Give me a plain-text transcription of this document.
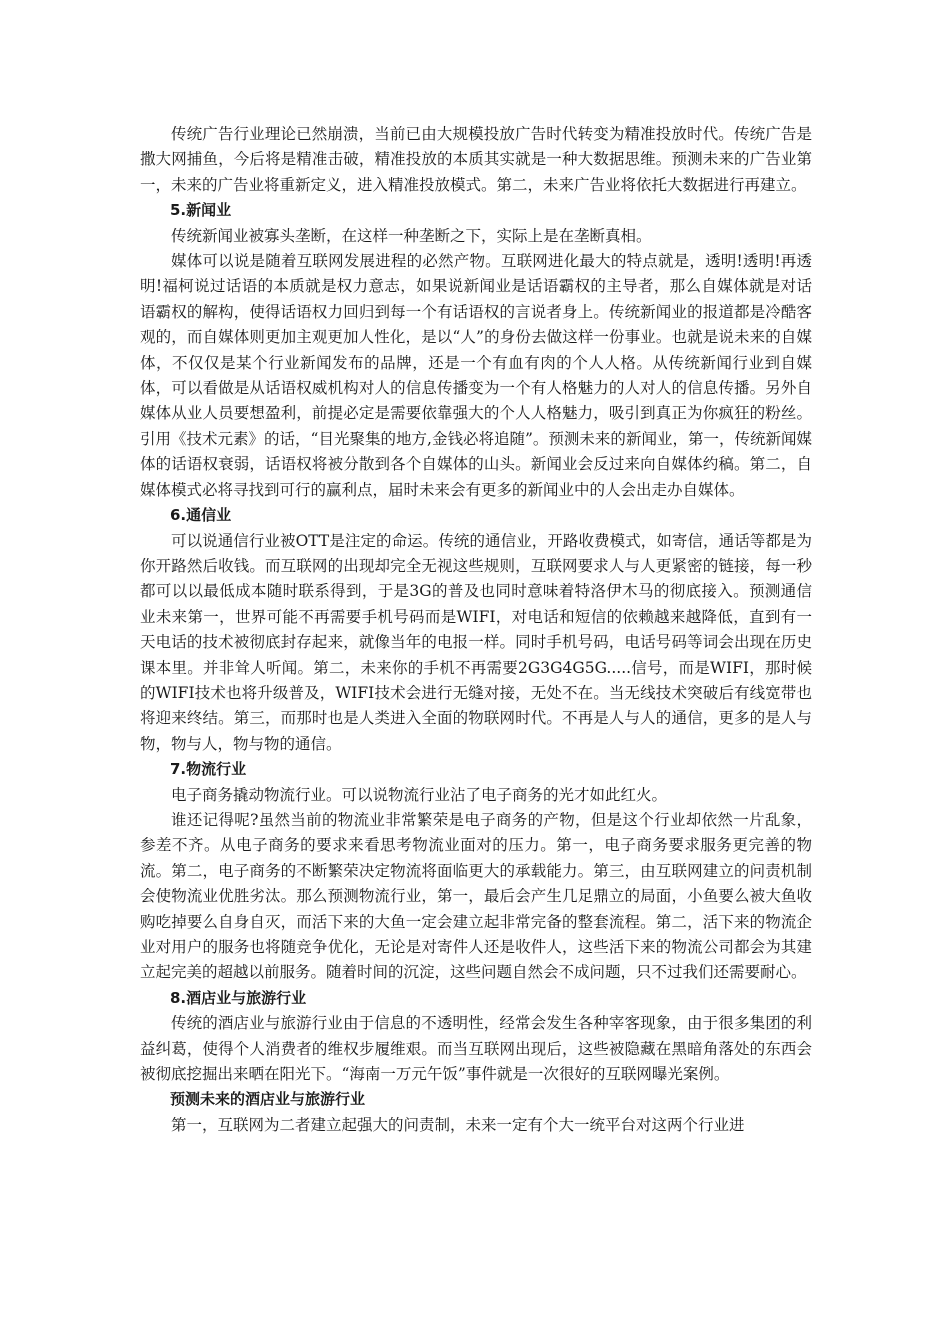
传统广告行业理论已然崩溃，当前已由大规模投放广告时代转变为精准投放时代。传统广告是撒大网捕鱼，今后将是精准击破，精准投放的本质其实就是一种大数据思维。预测未来的广告业第一，未来的广告业将重新定义，进入精准投放模式。第二，未来广告业将依托大数据进行再建立。

5.新闻业

传统新闻业被寡头垄断，在这样一种垄断之下，实际上是在垄断真相。

媒体可以说是随着互联网发展进程的必然产物。互联网进化最大的特点就是，透明!透明!再透明!福柯说过话语的本质就是权力意志，如果说新闻业是话语霸权的主导者，那么自媒体就是对话语霸权的解构，使得话语权力回归到每一个有话语权的言说者身上。传统新闻业的报道都是冷酷客观的，而自媒体则更加主观更加人性化，是以“人”的身份去做这样一份事业。也就是说未来的自媒体，不仅仅是某个行业新闻发布的品牌，还是一个有血有肉的个人人格。从传统新闻行业到自媒体，可以看做是从话语权威机构对人的信息传播变为一个有人格魅力的人对人的信息传播。另外自媒体从业人员要想盈利，前提必定是需要依靠强大的个人人格魅力，吸引到真正为你疯狂的粉丝。引用《技术元素》的话，“目光聚集的地方,金钱必将追随”。预测未来的新闻业，第一，传统新闻媒体的话语权衰弱，话语权将被分散到各个自媒体的山头。新闻业会反过来向自媒体约稿。第二，自媒体模式必将寻找到可行的赢利点，届时未来会有更多的新闻业中的人会出走办自媒体。

6.通信业

可以说通信行业被OTT是注定的命运。传统的通信业，开路收费模式，如寄信，通话等都是为你开路然后收钱。而互联网的出现却完全无视这些规则，互联网要求人与人更紧密的链接，每一秒都可以以最低成本随时联系得到，于是3G的普及也同时意味着特洛伊木马的彻底接入。预测通信业未来第一，世界可能不再需要手机号码而是WIFI，对电话和短信的依赖越来越降低，直到有一天电话的技术被彻底封存起来，就像当年的电报一样。同时手机号码，电话号码等词会出现在历史课本里。并非耸人听闻。第二，未来你的手机不再需要2G3G4G5G.....信号，而是WIFI，那时候的WIFI技术也将升级普及，WIFI技术会进行无缝对接，无处不在。当无线技术突破后有线宽带也将迎来终结。第三，而那时也是人类进入全面的物联网时代。不再是人与人的通信，更多的是人与物，物与人，物与物的通信。

7.物流行业

电子商务撬动物流行业。可以说物流行业沾了电子商务的光才如此红火。

谁还记得呢?虽然当前的物流业非常繁荣是电子商务的产物，但是这个行业却依然一片乱象，参差不齐。从电子商务的要求来看思考物流业面对的压力。第一，电子商务要求服务更完善的物流。第二，电子商务的不断繁荣决定物流将面临更大的承载能力。第三，由互联网建立的问责机制会使物流业优胜劣汰。那么预测物流行业，第一，最后会产生几足鼎立的局面，小鱼要么被大鱼收购吃掉要么自身自灭，而活下来的大鱼一定会建立起非常完备的整套流程。第二，活下来的物流企业对用户的服务也将随竞争优化，无论是对寄件人还是收件人，这些活下来的物流公司都会为其建立起完美的超越以前服务。随着时间的沉淀，这些问题自然会不成问题，只不过我们还需要耐心。

8.酒店业与旅游行业

传统的酒店业与旅游行业由于信息的不透明性，经常会发生各种宰客现象，由于很多集团的利益纠葛，使得个人消费者的维权步履维艰。而当互联网出现后，这些被隐藏在黑暗角落处的东西会被彻底挖掘出来晒在阳光下。“海南一万元午饭”事件就是一次很好的互联网曝光案例。

预测未来的酒店业与旅游行业

第一，互联网为二者建立起强大的问责制，未来一定有个大一统平台对这两个行业进
